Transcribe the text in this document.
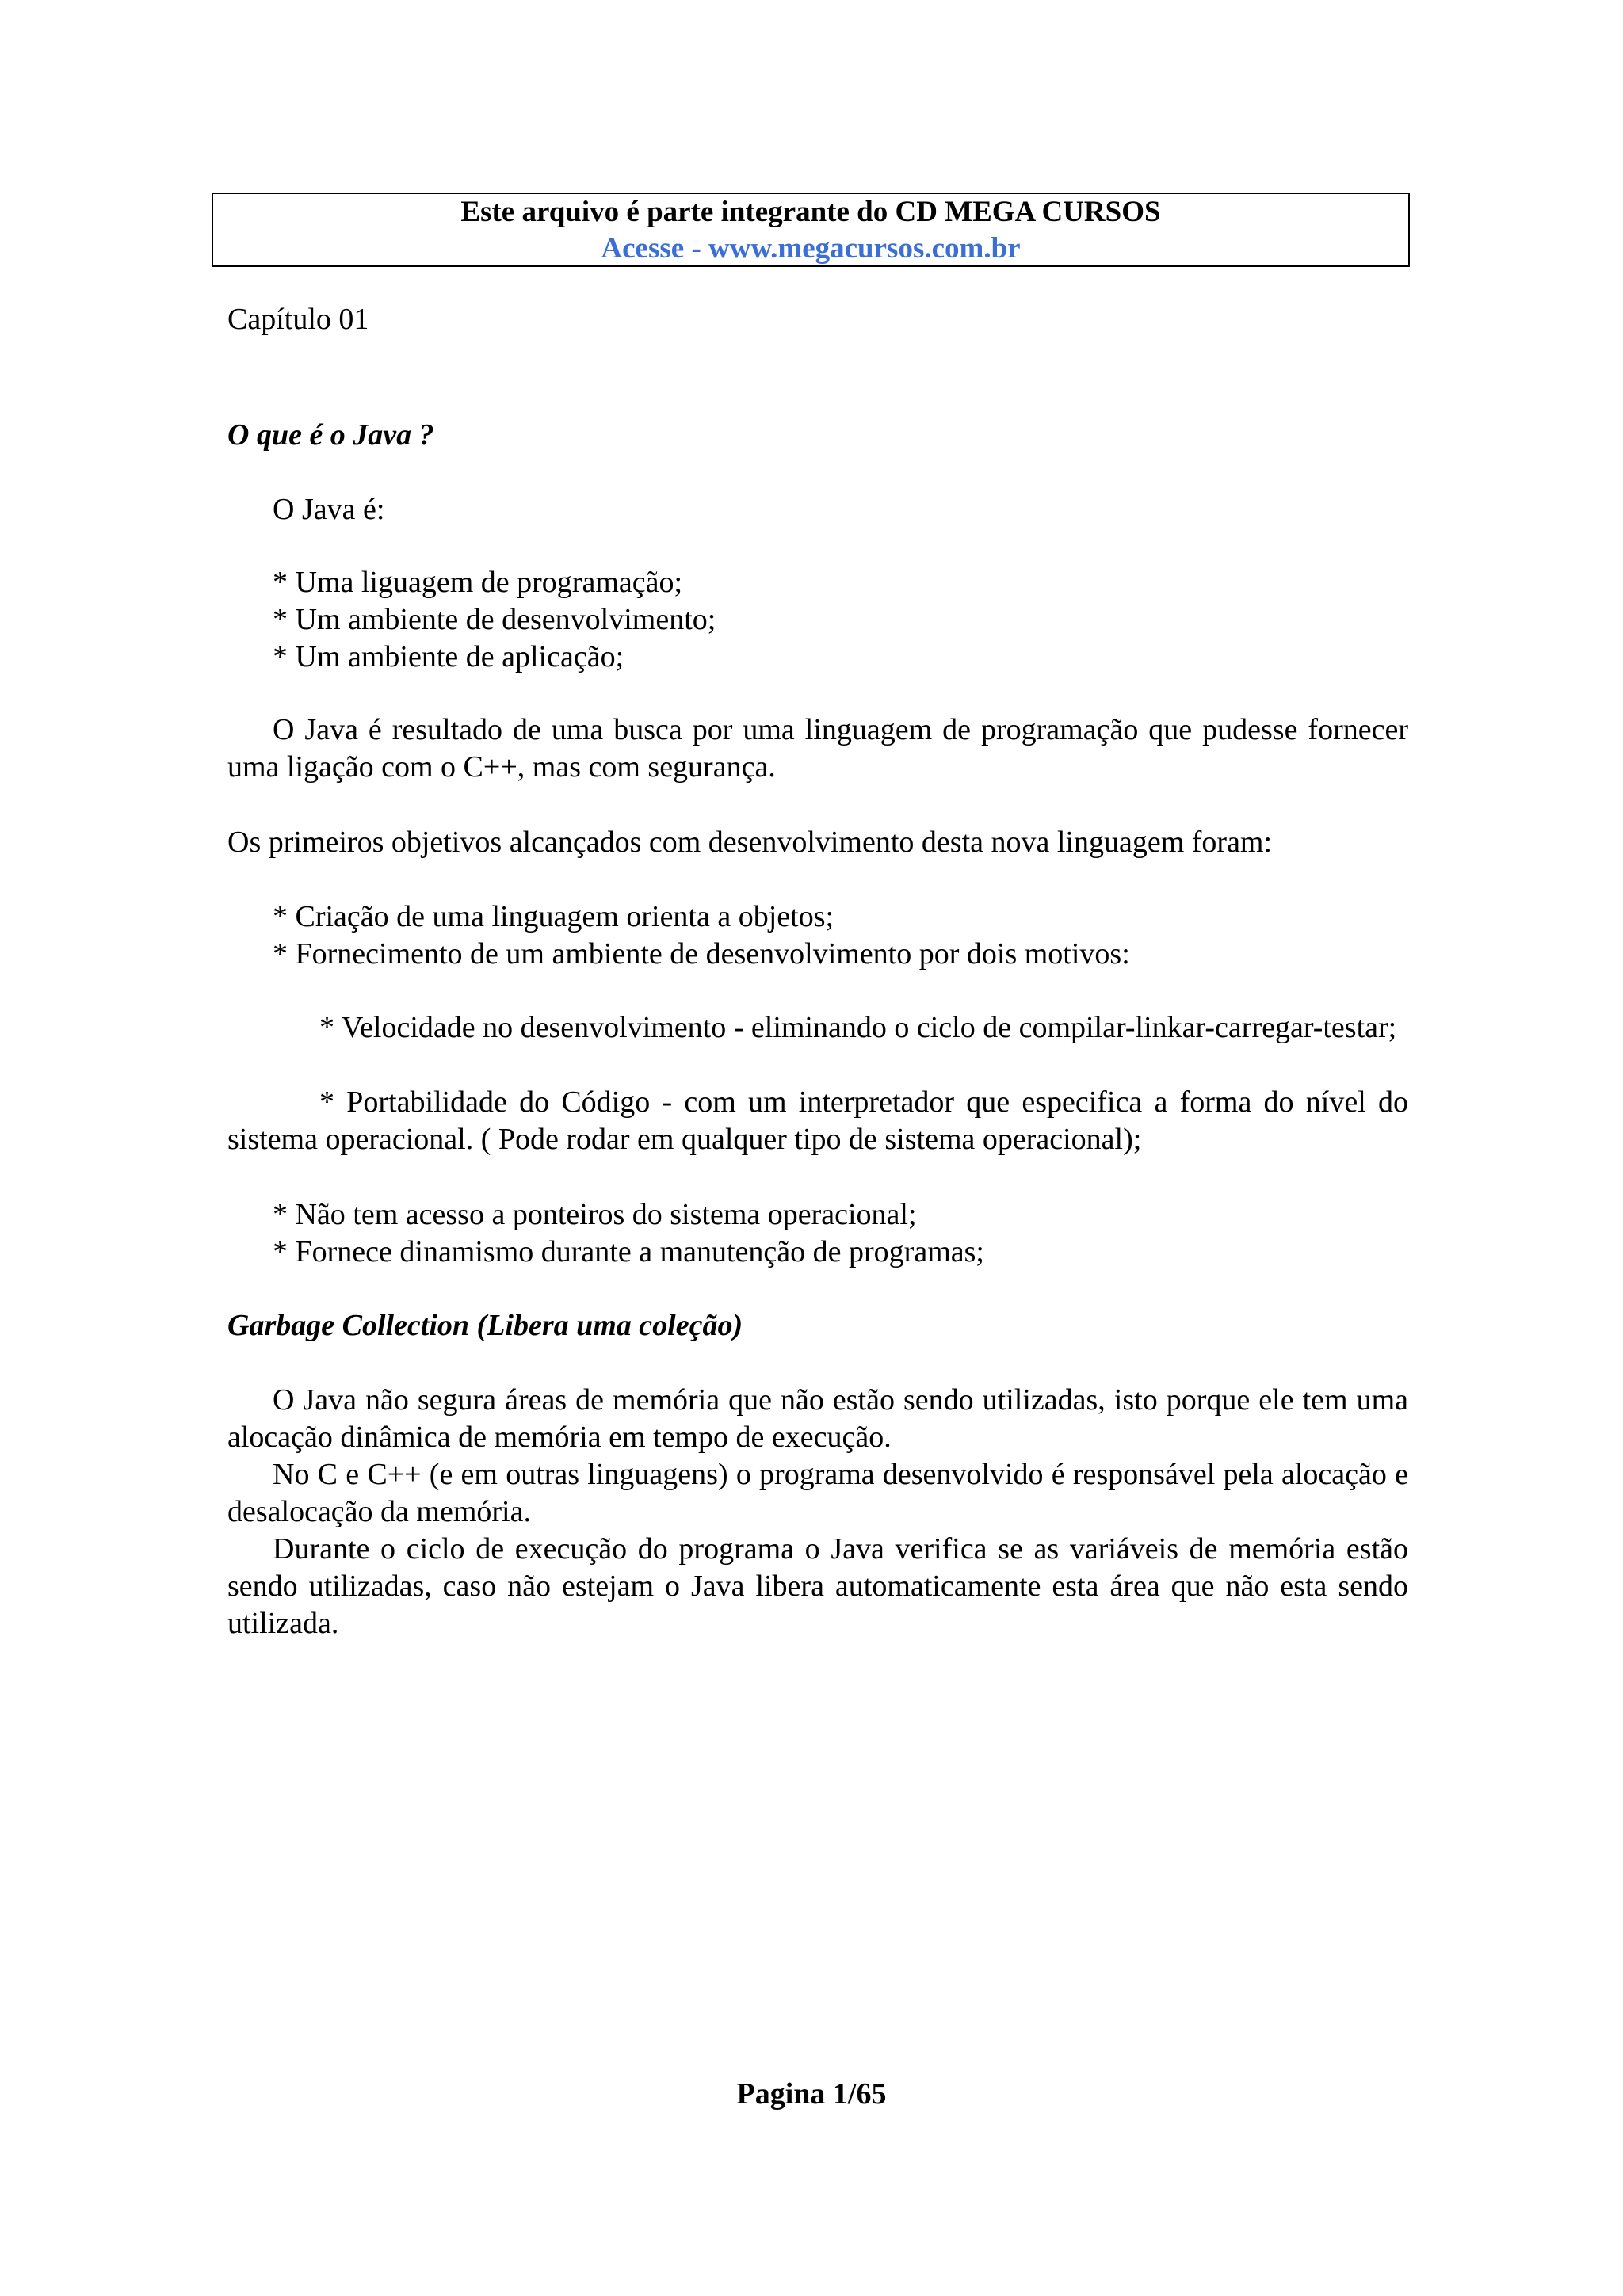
Este arquivo é parte integrante do CD MEGA CURSOS
Acesse - www.megacursos.com.br
Capítulo 01
O que é o Java ?
O Java é:
* Uma liguagem de programação;
* Um ambiente de desenvolvimento;
* Um ambiente de aplicação;
O Java é resultado de uma busca por uma linguagem de programação que pudesse fornecer uma ligação com o C++, mas com segurança.
Os primeiros objetivos alcançados com desenvolvimento desta nova linguagem foram:
* Criação de uma linguagem orienta a objetos;
* Fornecimento de um ambiente de desenvolvimento por dois motivos:
* Velocidade no desenvolvimento - eliminando o ciclo de compilar-linkar-carregar-testar;
* Portabilidade do Código - com um interpretador que especifica a forma do nível do sistema operacional. ( Pode rodar em qualquer tipo de sistema operacional);
* Não tem acesso a ponteiros do sistema operacional;
* Fornece dinamismo durante a manutenção de programas;
Garbage Collection (Libera uma coleção)
O Java não segura áreas de memória que não estão sendo utilizadas, isto porque ele tem uma alocação dinâmica de memória em tempo de execução.
No C e C++ (e em outras linguagens) o programa desenvolvido é responsável pela alocação e desalocação da memória.
Durante o ciclo de execução do programa o Java verifica se as variáveis de memória estão sendo utilizadas, caso não estejam o Java libera automaticamente esta área que não esta sendo utilizada.
Pagina 1/65
